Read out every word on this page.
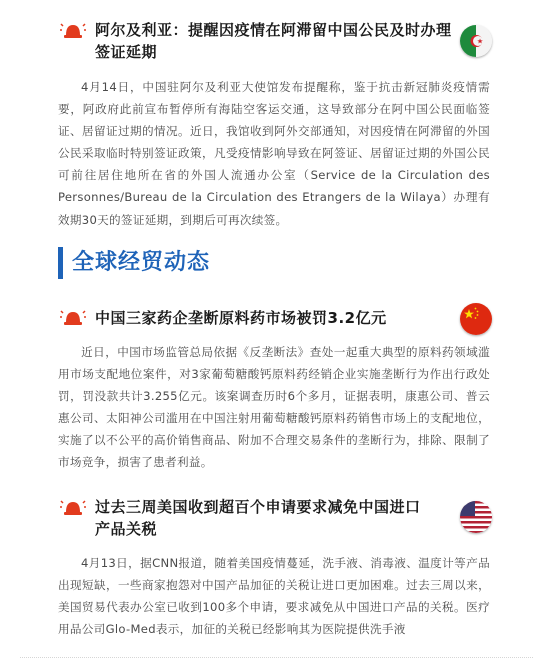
阿尔及利亚：提醒因疫情在阿滞留中国公民及时办理
签证延期
4月14日，中国驻阿尔及利亚大使馆发布提醒称，鉴于抗击新冠肺炎疫情需要，阿政府此前宣布暂停所有海陆空客运交通，这导致部分在阿中国公民面临签证、居留证过期的情况。近日，我馆收到阿外交部通知，对因疫情在阿滞留的外国公民采取临时特别签证政策，凡受疫情影响导致在阿签证、居留证过期的外国公民可前往居住地所在省的外国人流通办公室（Service de la Circulation des Personnes/Bureau de la Circulation des Etrangers de la Wilaya）办理有效期30天的签证延期，到期后可再次续签。
全球经贸动态
中国三家药企垄断原料药市场被罚3.2亿元
近日，中国市场监管总局依据《反垄断法》查处一起重大典型的原料药领域滥用市场支配地位案件，对3家葡萄糖酸钙原料药经销企业实施垄断行为作出行政处罚，罚没款共计3.255亿元。该案调查历时6个多月，证据表明，康惠公司、普云惠公司、太阳神公司滥用在中国注射用葡萄糖酸钙原料药销售市场上的支配地位，实施了以不公平的高价销售商品、附加不合理交易条件的垄断行为，排除、限制了市场竞争，损害了患者利益。
过去三周美国收到超百个申请要求减免中国进口
产品关税
4月13日，据CNN报道，随着美国疫情蔓延，洗手液、消毒液、温度计等产品出现短缺，一些商家抱怨对中国产品加征的关税让进口更加困难。过去三周以来，美国贸易代表办公室已收到100多个申请，要求减免从中国进口产品的关税。医疗用品公司Glo-Med表示，加征的关税已经影响其为医院提供洗手液
